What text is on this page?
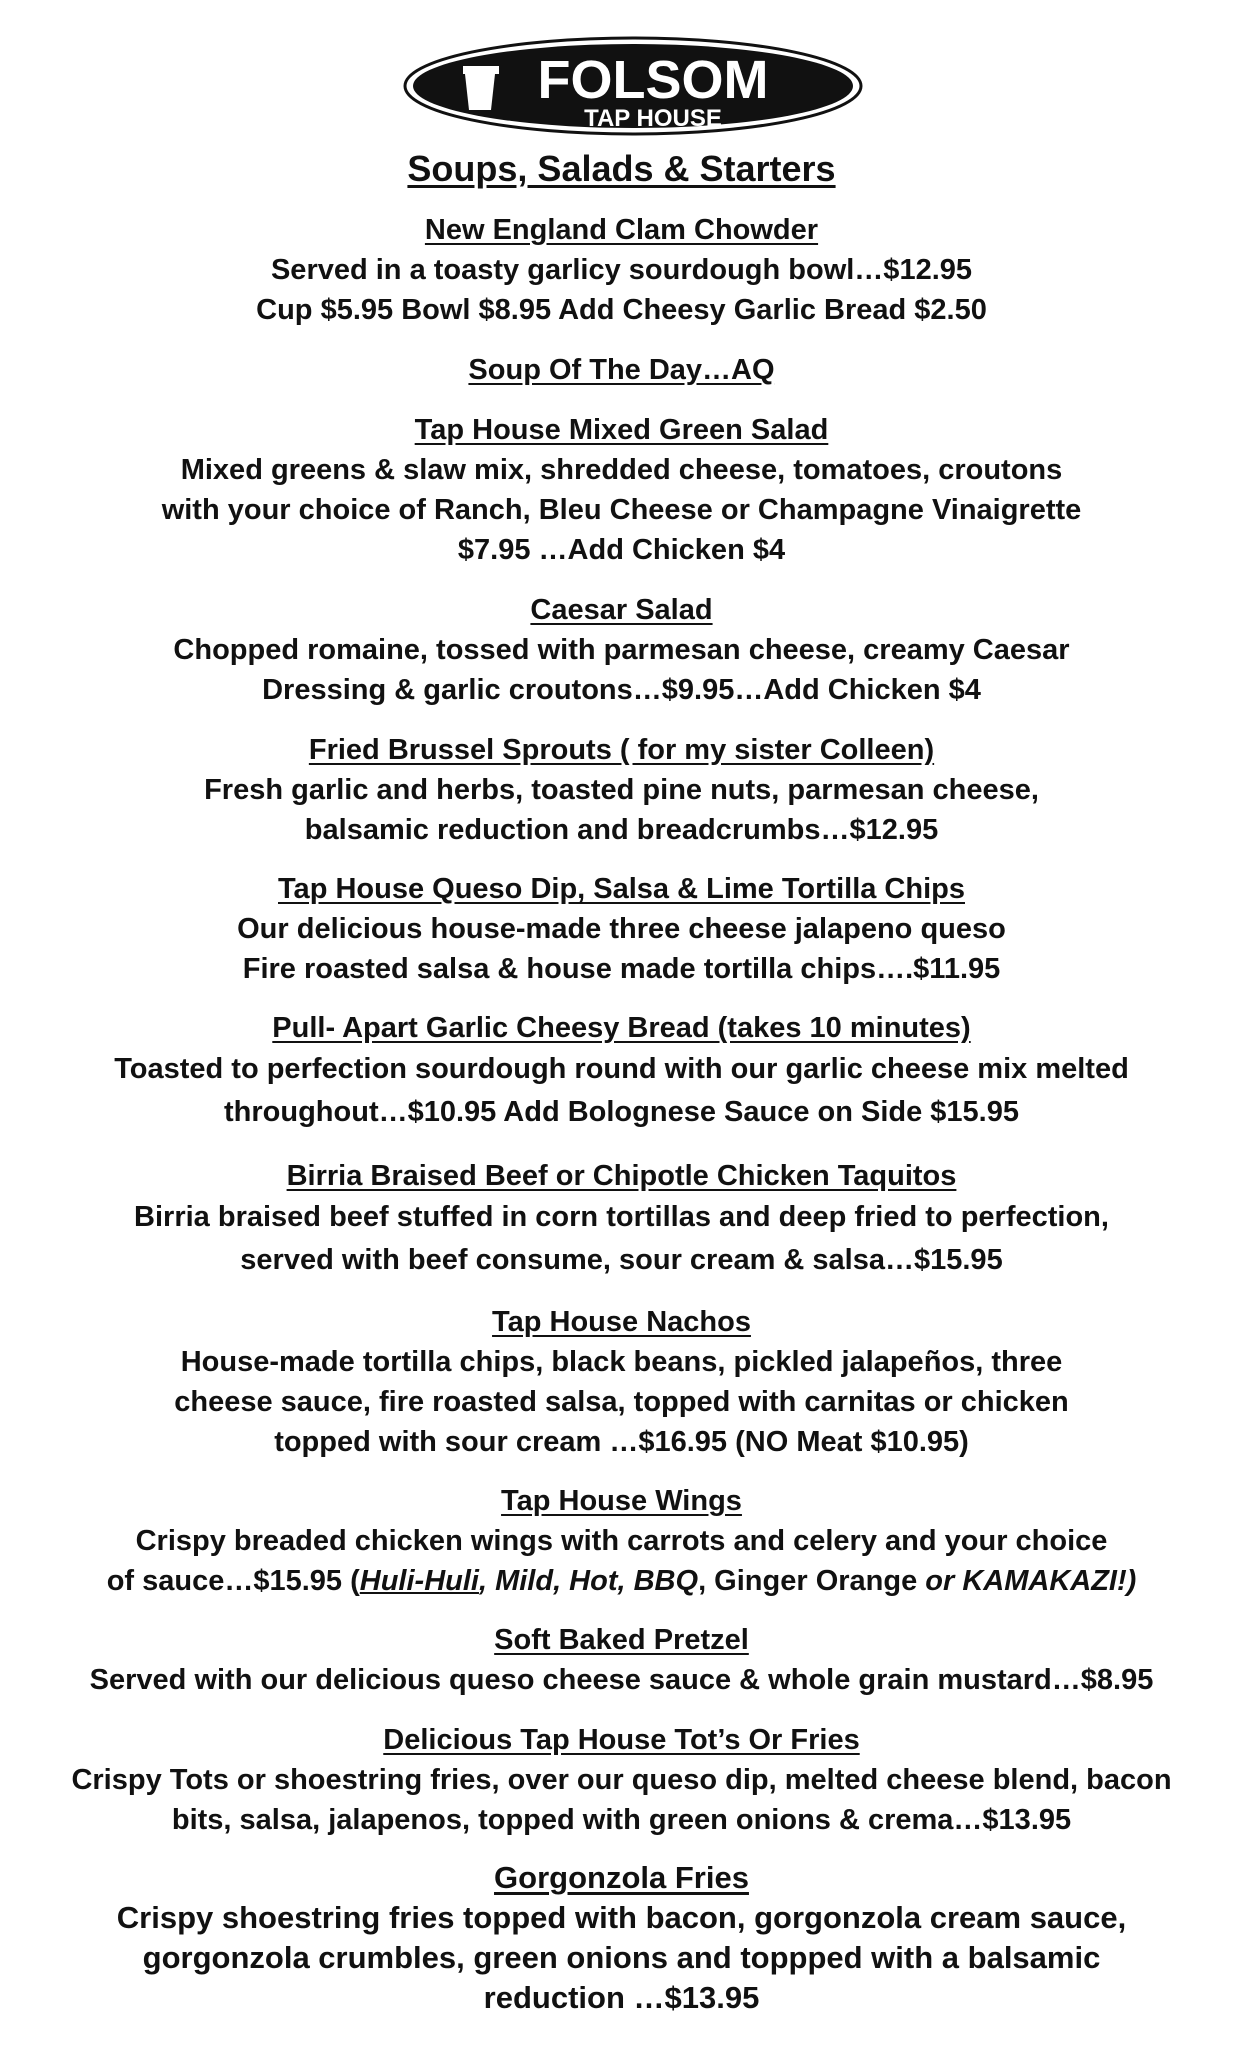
FOLSOM
TAP HOUSE
Soups, Salads & Starters
New England Clam Chowder
Served in a toasty garlicy sourdough bowl…$12.95
Cup $5.95 Bowl $8.95 Add Cheesy Garlic Bread $2.50
Soup Of The Day…AQ
Tap House Mixed Green Salad
Mixed greens & slaw mix, shredded cheese, tomatoes, croutons
with your choice of Ranch, Bleu Cheese or Champagne Vinaigrette
$7.95 …Add Chicken $4
Caesar Salad
Chopped romaine, tossed with parmesan cheese, creamy Caesar
Dressing & garlic croutons…$9.95…Add Chicken $4
Fried Brussel Sprouts ( for my sister Colleen)
Fresh garlic and herbs, toasted pine nuts, parmesan cheese,
balsamic reduction and breadcrumbs…$12.95
Tap House Queso Dip, Salsa & Lime Tortilla Chips
Our delicious house-made three cheese jalapeno queso
Fire roasted salsa & house made tortilla chips….$11.95
Pull- Apart Garlic Cheesy Bread (takes 10 minutes)
Toasted to perfection sourdough round with our garlic cheese mix melted
throughout…$10.95 Add Bolognese Sauce on Side $15.95
Birria Braised Beef or Chipotle Chicken Taquitos
Birria braised beef stuffed in corn tortillas and deep fried to perfection,
served with beef consume, sour cream & salsa…$15.95
Tap House Nachos
House-made tortilla chips, black beans, pickled jalapeños, three
cheese sauce, fire roasted salsa, topped with carnitas or chicken
topped with sour cream …$16.95 (NO Meat $10.95)
Tap House Wings
Crispy breaded chicken wings with carrots and celery and your choice
of sauce…$15.95 (Huli-Huli, Mild, Hot, BBQ, Ginger Orange or KAMAKAZI!)
Soft Baked Pretzel
Served with our delicious queso cheese sauce & whole grain mustard…$8.95
Delicious Tap House Tot’s Or Fries
Crispy Tots or shoestring fries, over our queso dip, melted cheese blend, bacon
bits, salsa, jalapenos, topped with green onions & crema…$13.95
Gorgonzola Fries
Crispy shoestring fries topped with bacon, gorgonzola cream sauce,
gorgonzola crumbles, green onions and toppped with a balsamic
reduction …$13.95
